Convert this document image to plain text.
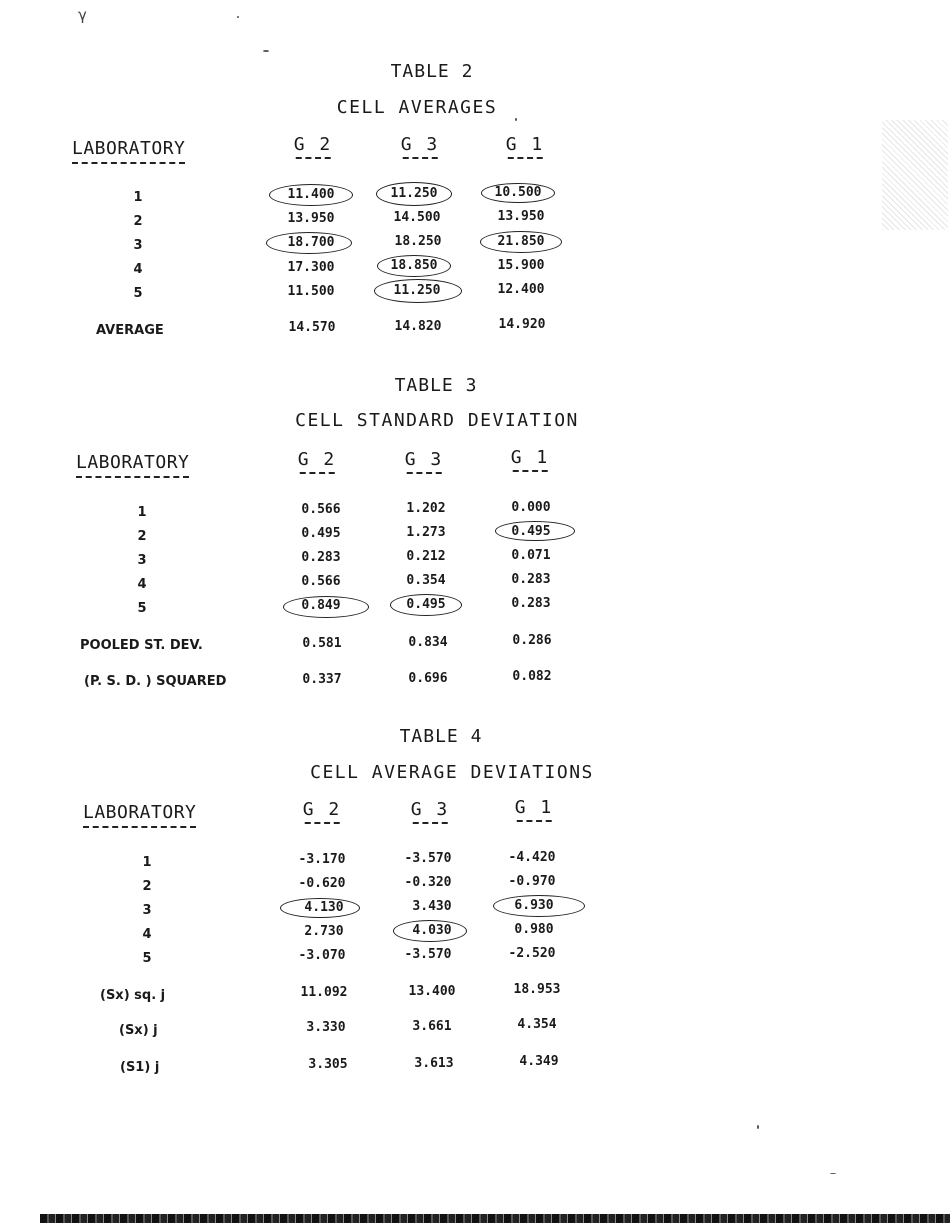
γ
TABLE 2
CELL AVERAGES
LABORATORY	G 2	G 3	G 1
1	11.400	11.250	10.500
2	13.950	14.500	13.950
3	18.700	18.250	21.850
4	17.300	18.850	15.900
5	11.500	11.250	12.400
AVERAGE	14.570	14.820	14.920
TABLE 3
CELL STANDARD DEVIATION
LABORATORY	G 2	G 3	G 1
1	0.566	1.202	0.000
2	0.495	1.273	0.495
3	0.283	0.212	0.071
4	0.566	0.354	0.283
5	0.849	0.495	0.283
POOLED ST. DEV.	0.581	0.834	0.286
(P. S. D. ) SQUARED	0.337	0.696	0.082
TABLE 4
CELL AVERAGE DEVIATIONS
LABORATORY	G 2	G 3	G 1
1	-3.170	-3.570	-4.420
2	-0.620	-0.320	-0.970
3	4.130	3.430	6.930
4	2.730	4.030	0.980
5	-3.070	-3.570	-2.520
(Sx) sq. j	11.092	13.400	18.953
(Sx) j	3.330	3.661	4.354
(S1) j	3.305	3.613	4.349
